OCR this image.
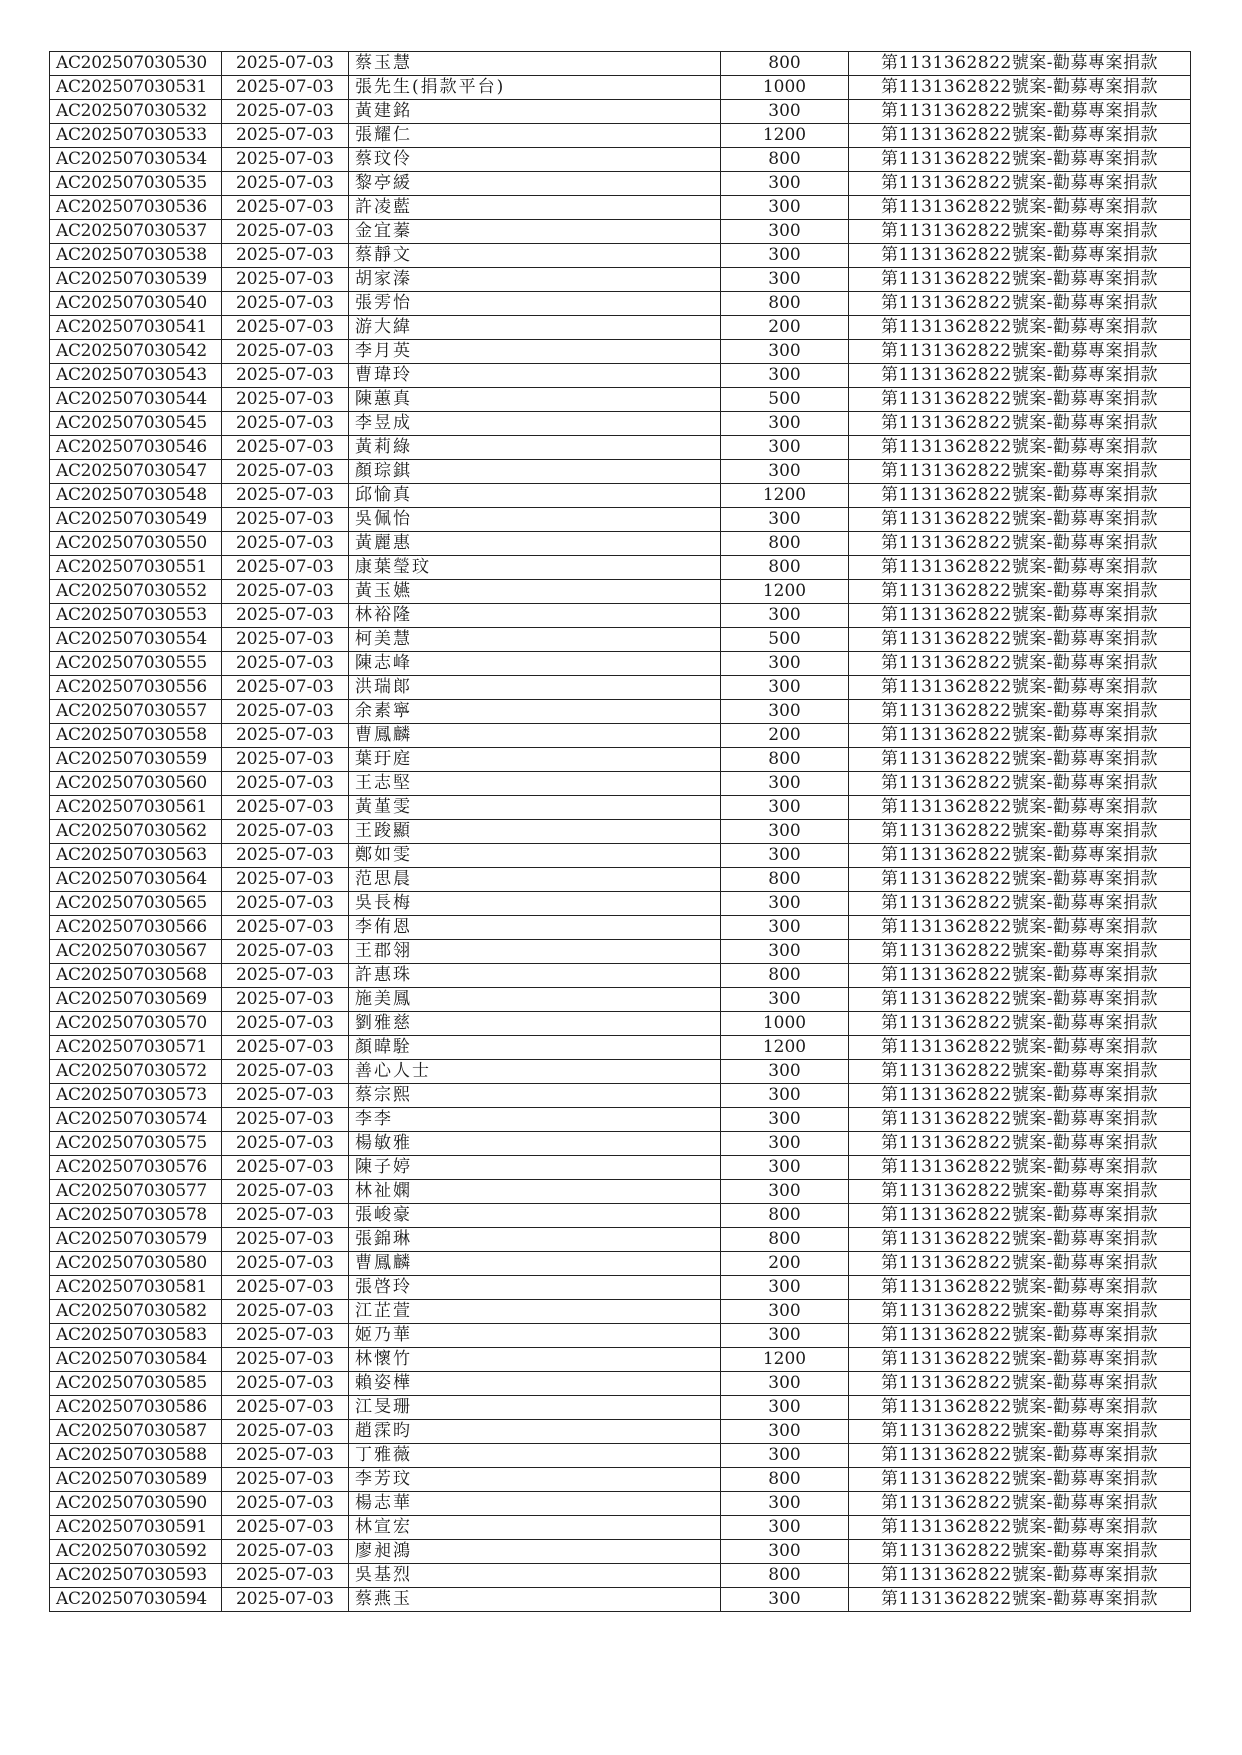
AC202507030530	2025-07-03	蔡玉慧	800	第1131362822號案-勸募專案捐款
AC202507030531	2025-07-03	張先生(捐款平台)	1000	第1131362822號案-勸募專案捐款
AC202507030532	2025-07-03	黃建銘	300	第1131362822號案-勸募專案捐款
AC202507030533	2025-07-03	張耀仁	1200	第1131362822號案-勸募專案捐款
AC202507030534	2025-07-03	蔡玟伶	800	第1131362822號案-勸募專案捐款
AC202507030535	2025-07-03	黎亭緩	300	第1131362822號案-勸募專案捐款
AC202507030536	2025-07-03	許凌藍	300	第1131362822號案-勸募專案捐款
AC202507030537	2025-07-03	金宜蓁	300	第1131362822號案-勸募專案捐款
AC202507030538	2025-07-03	蔡靜文	300	第1131362822號案-勸募專案捐款
AC202507030539	2025-07-03	胡家溱	300	第1131362822號案-勸募專案捐款
AC202507030540	2025-07-03	張雱怡	800	第1131362822號案-勸募專案捐款
AC202507030541	2025-07-03	游大緯	200	第1131362822號案-勸募專案捐款
AC202507030542	2025-07-03	李月英	300	第1131362822號案-勸募專案捐款
AC202507030543	2025-07-03	曹瑋玲	300	第1131362822號案-勸募專案捐款
AC202507030544	2025-07-03	陳蕙真	500	第1131362822號案-勸募專案捐款
AC202507030545	2025-07-03	李昱成	300	第1131362822號案-勸募專案捐款
AC202507030546	2025-07-03	黃莉綠	300	第1131362822號案-勸募專案捐款
AC202507030547	2025-07-03	顏琮錤	300	第1131362822號案-勸募專案捐款
AC202507030548	2025-07-03	邱愉真	1200	第1131362822號案-勸募專案捐款
AC202507030549	2025-07-03	吳佩怡	300	第1131362822號案-勸募專案捐款
AC202507030550	2025-07-03	黃麗惠	800	第1131362822號案-勸募專案捐款
AC202507030551	2025-07-03	康葉瑩玟	800	第1131362822號案-勸募專案捐款
AC202507030552	2025-07-03	黃玉嬿	1200	第1131362822號案-勸募專案捐款
AC202507030553	2025-07-03	林裕隆	300	第1131362822號案-勸募專案捐款
AC202507030554	2025-07-03	柯美慧	500	第1131362822號案-勸募專案捐款
AC202507030555	2025-07-03	陳志峰	300	第1131362822號案-勸募專案捐款
AC202507030556	2025-07-03	洪瑞郞	300	第1131362822號案-勸募專案捐款
AC202507030557	2025-07-03	余素寧	300	第1131362822號案-勸募專案捐款
AC202507030558	2025-07-03	曹鳳麟	200	第1131362822號案-勸募專案捐款
AC202507030559	2025-07-03	葉玗庭	800	第1131362822號案-勸募專案捐款
AC202507030560	2025-07-03	王志堅	300	第1131362822號案-勸募專案捐款
AC202507030561	2025-07-03	黃堇雯	300	第1131362822號案-勸募專案捐款
AC202507030562	2025-07-03	王踆顯	300	第1131362822號案-勸募專案捐款
AC202507030563	2025-07-03	鄭如雯	300	第1131362822號案-勸募專案捐款
AC202507030564	2025-07-03	范思晨	800	第1131362822號案-勸募專案捐款
AC202507030565	2025-07-03	吳長梅	300	第1131362822號案-勸募專案捐款
AC202507030566	2025-07-03	李侑恩	300	第1131362822號案-勸募專案捐款
AC202507030567	2025-07-03	王郡翎	300	第1131362822號案-勸募專案捐款
AC202507030568	2025-07-03	許惠珠	800	第1131362822號案-勸募專案捐款
AC202507030569	2025-07-03	施美鳳	300	第1131362822號案-勸募專案捐款
AC202507030570	2025-07-03	劉雅慈	1000	第1131362822號案-勸募專案捐款
AC202507030571	2025-07-03	顏暐駩	1200	第1131362822號案-勸募專案捐款
AC202507030572	2025-07-03	善心人士	300	第1131362822號案-勸募專案捐款
AC202507030573	2025-07-03	蔡宗熙	300	第1131362822號案-勸募專案捐款
AC202507030574	2025-07-03	李李	300	第1131362822號案-勸募專案捐款
AC202507030575	2025-07-03	楊敏雅	300	第1131362822號案-勸募專案捐款
AC202507030576	2025-07-03	陳子婷	300	第1131362822號案-勸募專案捐款
AC202507030577	2025-07-03	林祉嫻	300	第1131362822號案-勸募專案捐款
AC202507030578	2025-07-03	張峻豪	800	第1131362822號案-勸募專案捐款
AC202507030579	2025-07-03	張錦琳	800	第1131362822號案-勸募專案捐款
AC202507030580	2025-07-03	曹鳳麟	200	第1131362822號案-勸募專案捐款
AC202507030581	2025-07-03	張啓玲	300	第1131362822號案-勸募專案捐款
AC202507030582	2025-07-03	江芷萱	300	第1131362822號案-勸募專案捐款
AC202507030583	2025-07-03	姬乃華	300	第1131362822號案-勸募專案捐款
AC202507030584	2025-07-03	林懷竹	1200	第1131362822號案-勸募專案捐款
AC202507030585	2025-07-03	賴姿樺	300	第1131362822號案-勸募專案捐款
AC202507030586	2025-07-03	江旻珊	300	第1131362822號案-勸募專案捐款
AC202507030587	2025-07-03	趙霂昀	300	第1131362822號案-勸募專案捐款
AC202507030588	2025-07-03	丁雅薇	300	第1131362822號案-勸募專案捐款
AC202507030589	2025-07-03	李芳玟	800	第1131362822號案-勸募專案捐款
AC202507030590	2025-07-03	楊志華	300	第1131362822號案-勸募專案捐款
AC202507030591	2025-07-03	林宣宏	300	第1131362822號案-勸募專案捐款
AC202507030592	2025-07-03	廖昶鴻	300	第1131362822號案-勸募專案捐款
AC202507030593	2025-07-03	吳基烈	800	第1131362822號案-勸募專案捐款
AC202507030594	2025-07-03	蔡燕玉	300	第1131362822號案-勸募專案捐款
